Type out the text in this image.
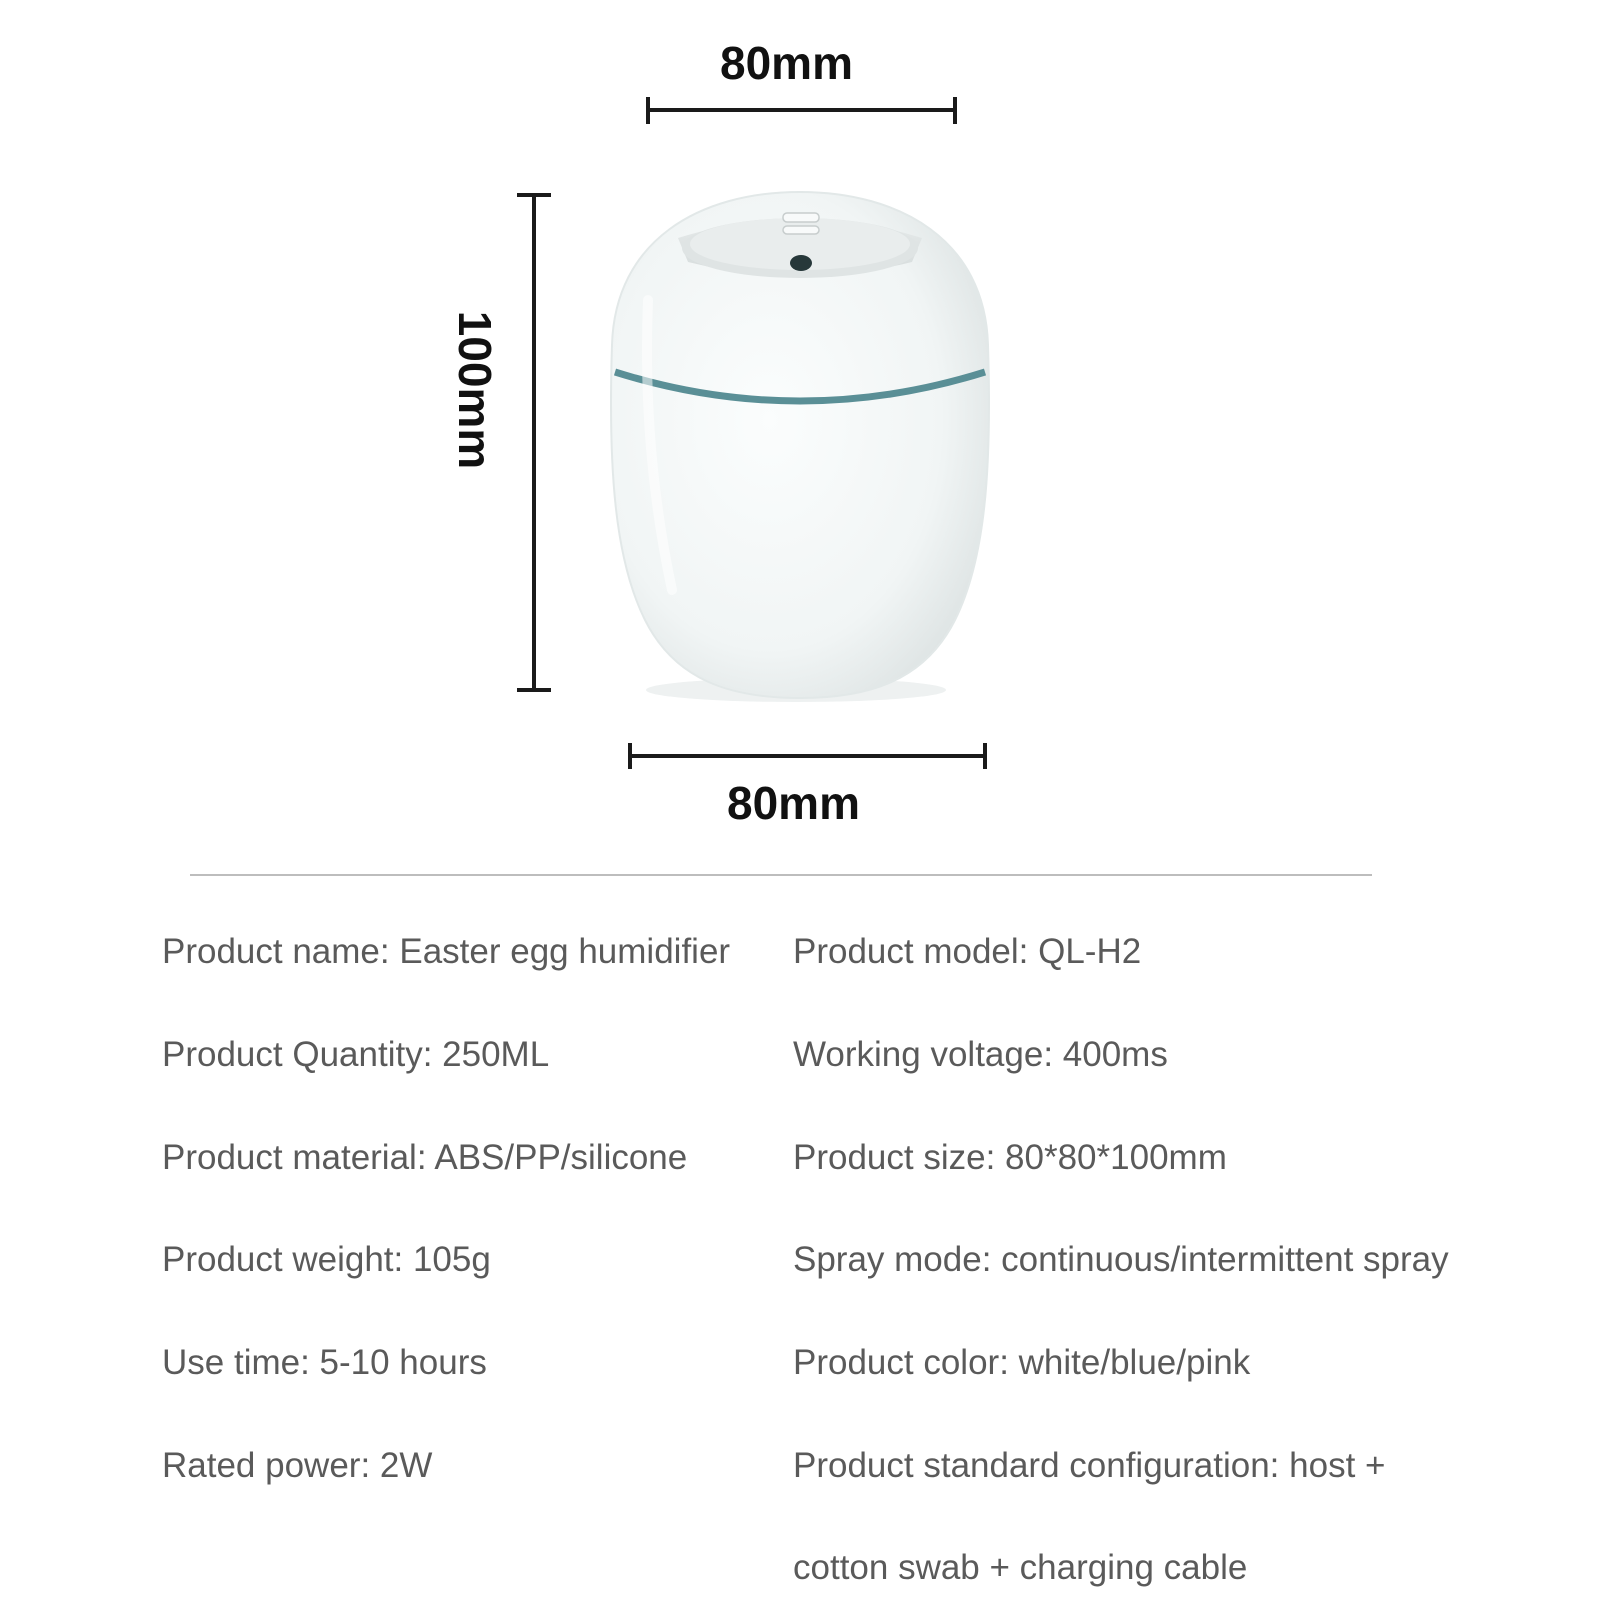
80mm
100mm
80mm
Product name: Easter egg humidifier
Product Quantity: 250ML
Product material: ABS/PP/silicone
Product weight: 105g
Use time: 5-10 hours
Rated power: 2W
Product model: QL-H2
Working voltage: 400ms
Product size: 80*80*100mm
Spray mode: continuous/intermittent spray
Product color: white/blue/pink
Product standard configuration: host +
cotton swab + charging cable
